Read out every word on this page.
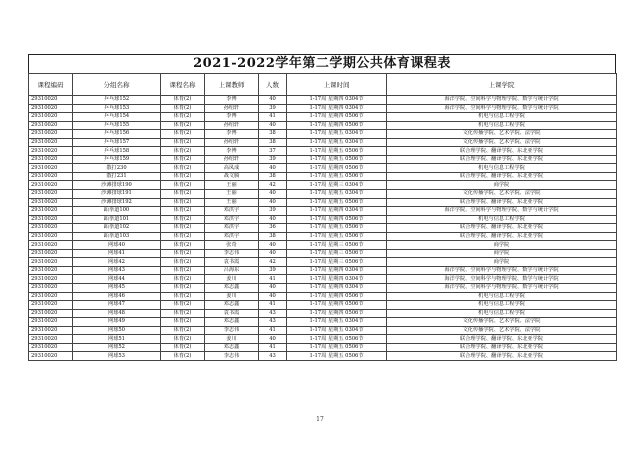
2021-2022学年第二学期公共体育课程表
课程编码	分组名称	课程名称	上课教师	人数	上课时间	上课学院
29310020	乒乓球152	体育(2)	李博	40	1-17周 星期四 0304节	海洋学院、空间科学与物理学院、数学与统计学院
29310020	乒乓球153	体育(2)	孙绍轩	39	1-17周 星期四 0304节	海洋学院、空间科学与物理学院、数学与统计学院
29310020	乒乓球154	体育(2)	李博	41	1-17周 星期四 0506节	机电与信息工程学院
29310020	乒乓球155	体育(2)	孙绍轩	40	1-17周 星期四 0506节	机电与信息工程学院
29310020	乒乓球156	体育(2)	李博	38	1-17周 星期五 0304节	文化传播学院、艺术学院、法学院
29310020	乒乓球157	体育(2)	孙绍轩	38	1-17周 星期五 0304节	文化传播学院、艺术学院、法学院
29310020	乒乓球158	体育(2)	李博	37	1-17周 星期五 0506节	联合理学院、翻译学院、东北亚学院
29310020	乒乓球159	体育(2)	孙绍轩	39	1-17周 星期五 0506节	联合理学院、翻译学院、东北亚学院
29310020	散打230	体育(2)	高凤成	40	1-17周 星期四 0506节	机电与信息工程学院
29310020	散打231	体育(2)	战文腾	38	1-17周 星期五 0506节	联合理学院、翻译学院、东北亚学院
29310020	沙滩排球190	体育(2)	王丽	42	1-17周 星期三 0304节	商学院
29310020	沙滩排球191	体育(2)	王丽	40	1-17周 星期五 0304节	文化传播学院、艺术学院、法学院
29310020	沙滩排球192	体育(2)	王丽	40	1-17周 星期五 0506节	联合理学院、翻译学院、东北亚学院
29310020	跆拳道100	体育(2)	邓洪宇	39	1-17周 星期四 0304节	海洋学院、空间科学与物理学院、数学与统计学院
29310020	跆拳道101	体育(2)	邓洪宇	40	1-17周 星期四 0506节	机电与信息工程学院
29310020	跆拳道102	体育(2)	邓洪宇	36	1-17周 星期五 0506节	联合理学院、翻译学院、东北亚学院
29310020	跆拳道103	体育(2)	邓洪宇	38	1-17周 星期五 0506节	联合理学院、翻译学院、东北亚学院
29310020	网球40	体育(2)	张奇	40	1-17周 星期三 0506节	商学院
29310020	网球41	体育(2)	李志伟	40	1-17周 星期三 0506节	商学院
29310020	网球42	体育(2)	袁书霞	42	1-17周 星期三 0506节	商学院
29310020	网球43	体育(2)	吕海东	39	1-17周 星期四 0304节	海洋学院、空间科学与物理学院、数学与统计学院
29310020	网球44	体育(2)	姜川	41	1-17周 星期四 0304节	海洋学院、空间科学与物理学院、数学与统计学院
29310020	网球45	体育(2)	邓志鑫	40	1-17周 星期四 0304节	海洋学院、空间科学与物理学院、数学与统计学院
29310020	网球46	体育(2)	姜川	40	1-17周 星期四 0506节	机电与信息工程学院
29310020	网球47	体育(2)	邓志鑫	41	1-17周 星期四 0506节	机电与信息工程学院
29310020	网球48	体育(2)	袁书霞	43	1-17周 星期四 0506节	机电与信息工程学院
29310020	网球49	体育(2)	邓志鑫	43	1-17周 星期五 0304节	文化传播学院、艺术学院、法学院
29310020	网球50	体育(2)	李志伟	41	1-17周 星期五 0304节	文化传播学院、艺术学院、法学院
29310020	网球51	体育(2)	姜川	40	1-17周 星期五 0506节	联合理学院、翻译学院、东北亚学院
29310020	网球52	体育(2)	邓志鑫	41	1-17周 星期五 0506节	联合理学院、翻译学院、东北亚学院
29310020	网球53	体育(2)	李志伟	43	1-17周 星期五 0506节	联合理学院、翻译学院、东北亚学院
17
